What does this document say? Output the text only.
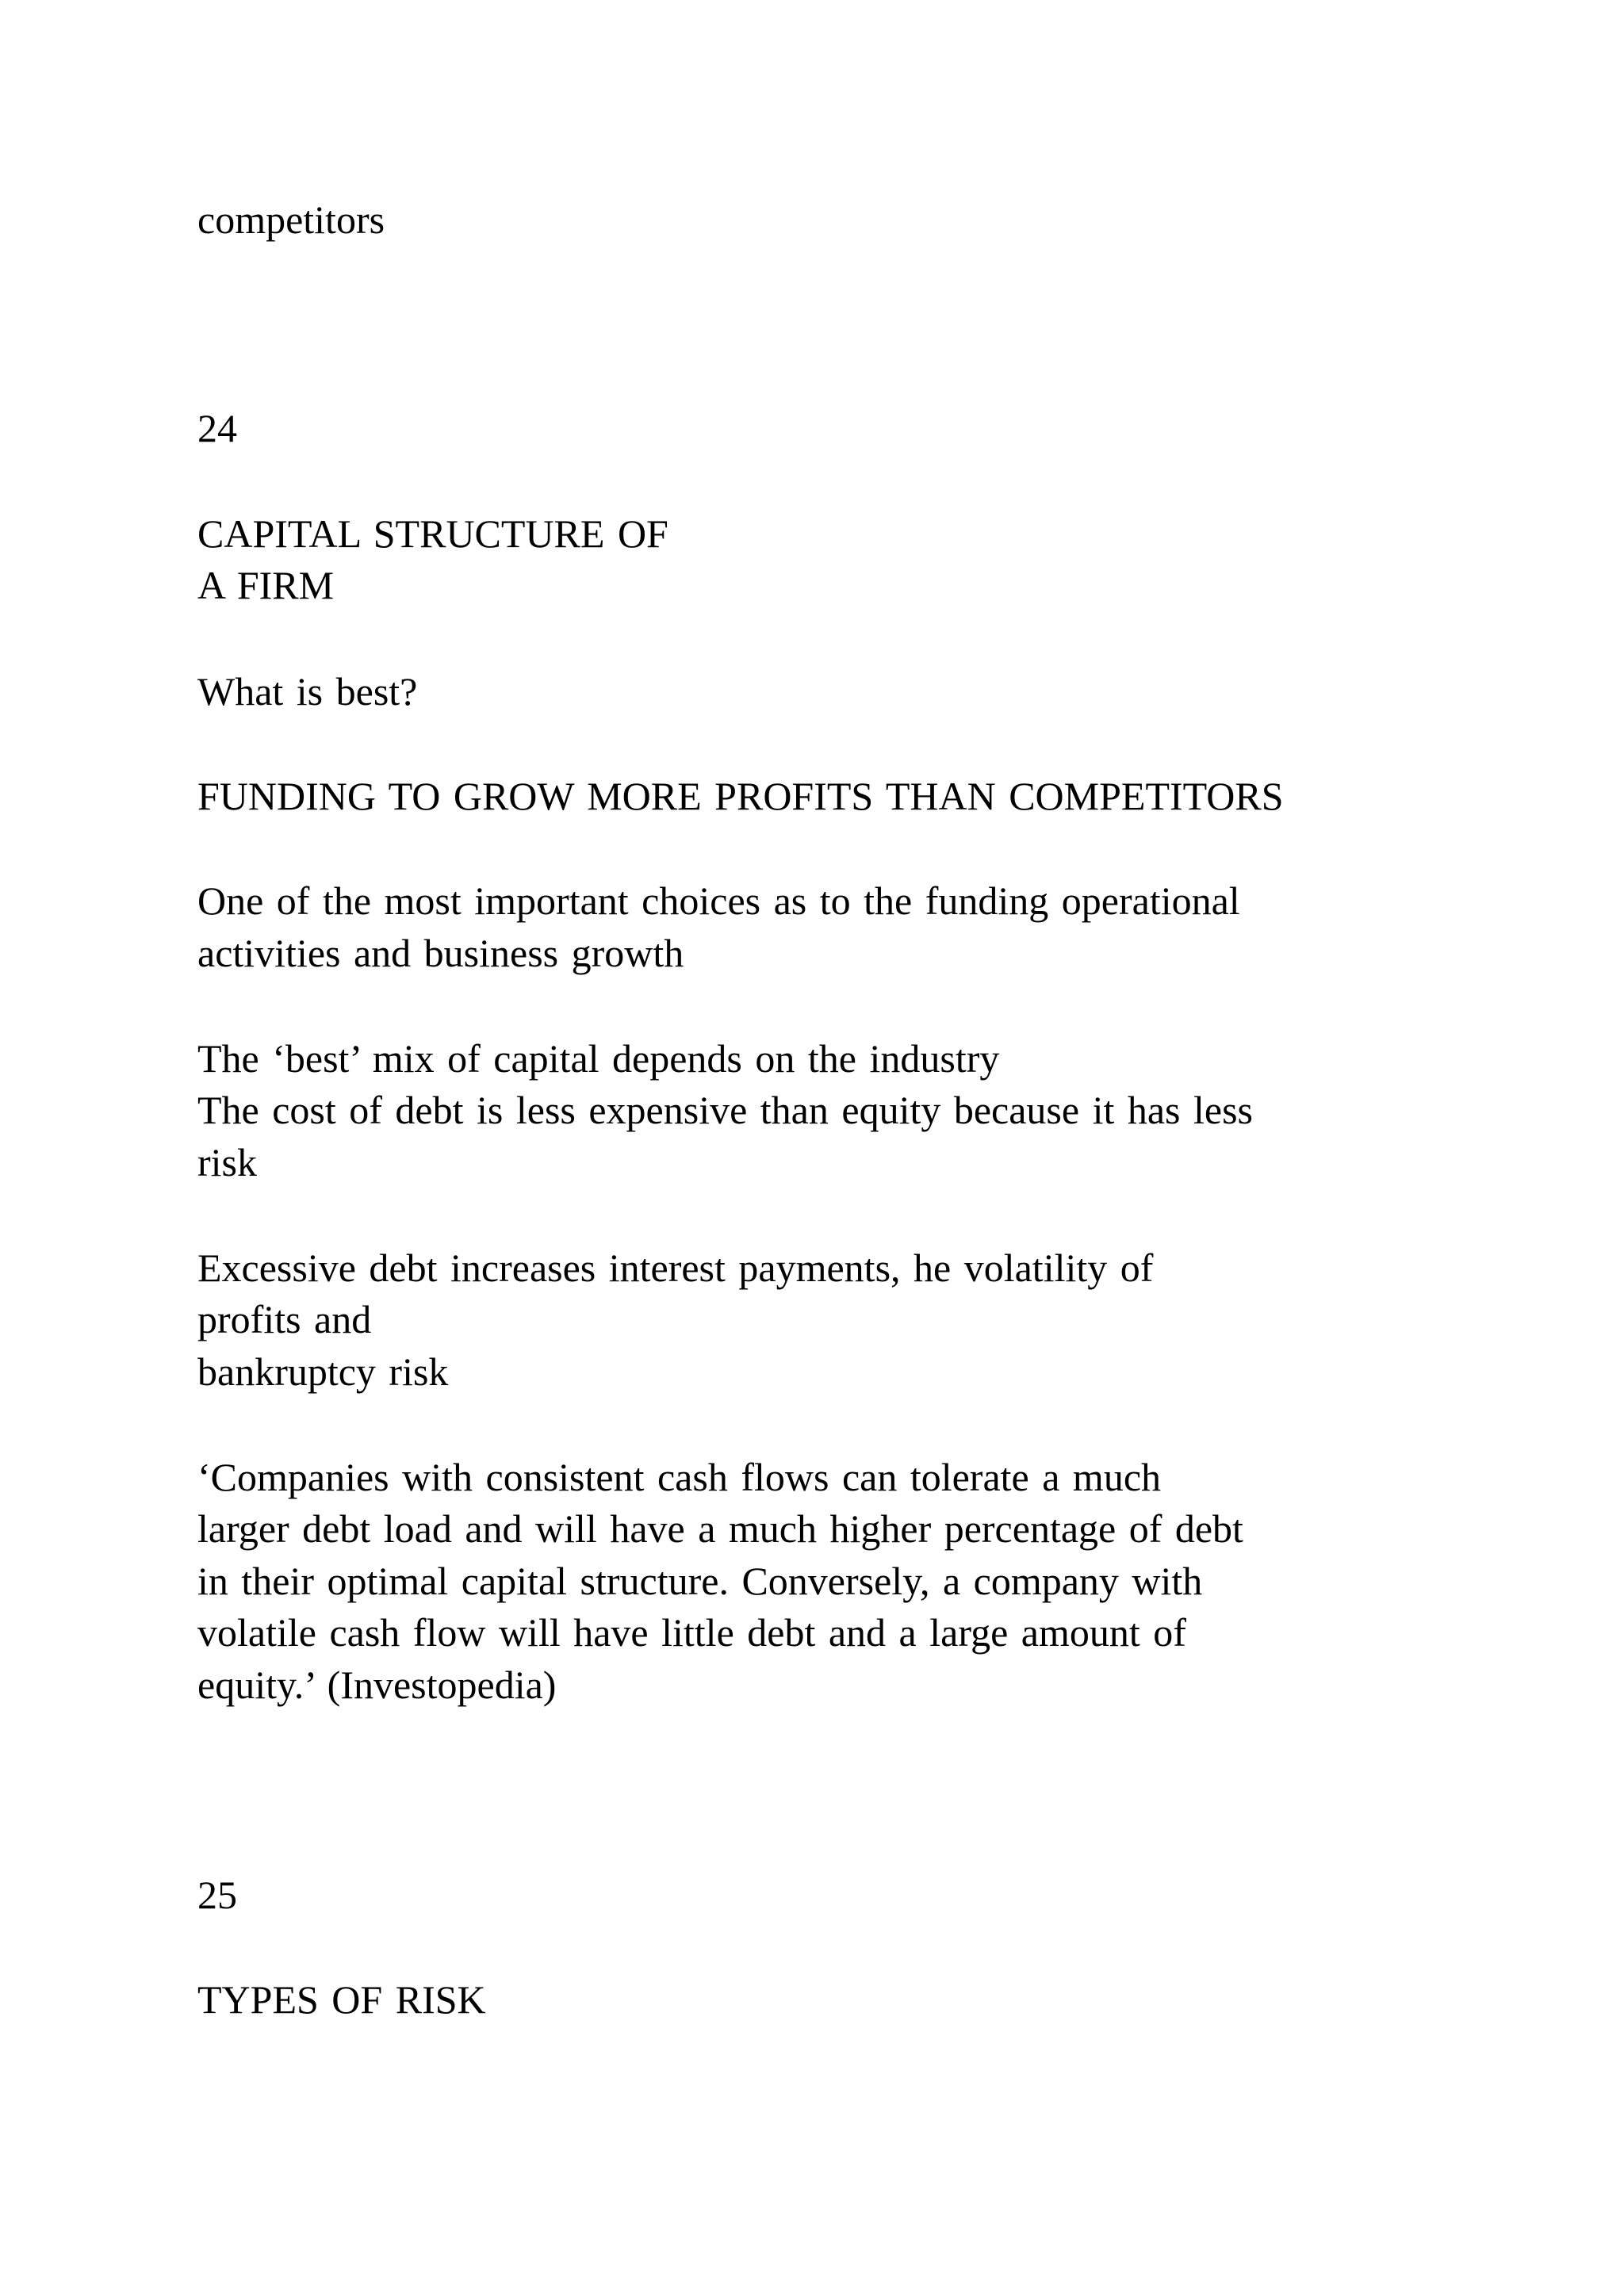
competitors

24

CAPITAL STRUCTURE OF

A FIRM

What is best?

FUNDING TO GROW MORE PROFITS THAN COMPETITORS

One of the most important choices as to the funding operational

activities and business growth

The ‘best’ mix of capital depends on the industry

The cost of debt is less expensive than equity because it has less

risk

Excessive debt increases interest payments, he volatility of

profits and

bankruptcy risk

‘Companies with consistent cash flows can tolerate a much

larger debt load and will have a much higher percentage of debt

in their optimal capital structure. Conversely, a company with

volatile cash flow will have little debt and a large amount of

equity.’ (Investopedia)

25

TYPES OF RISK
